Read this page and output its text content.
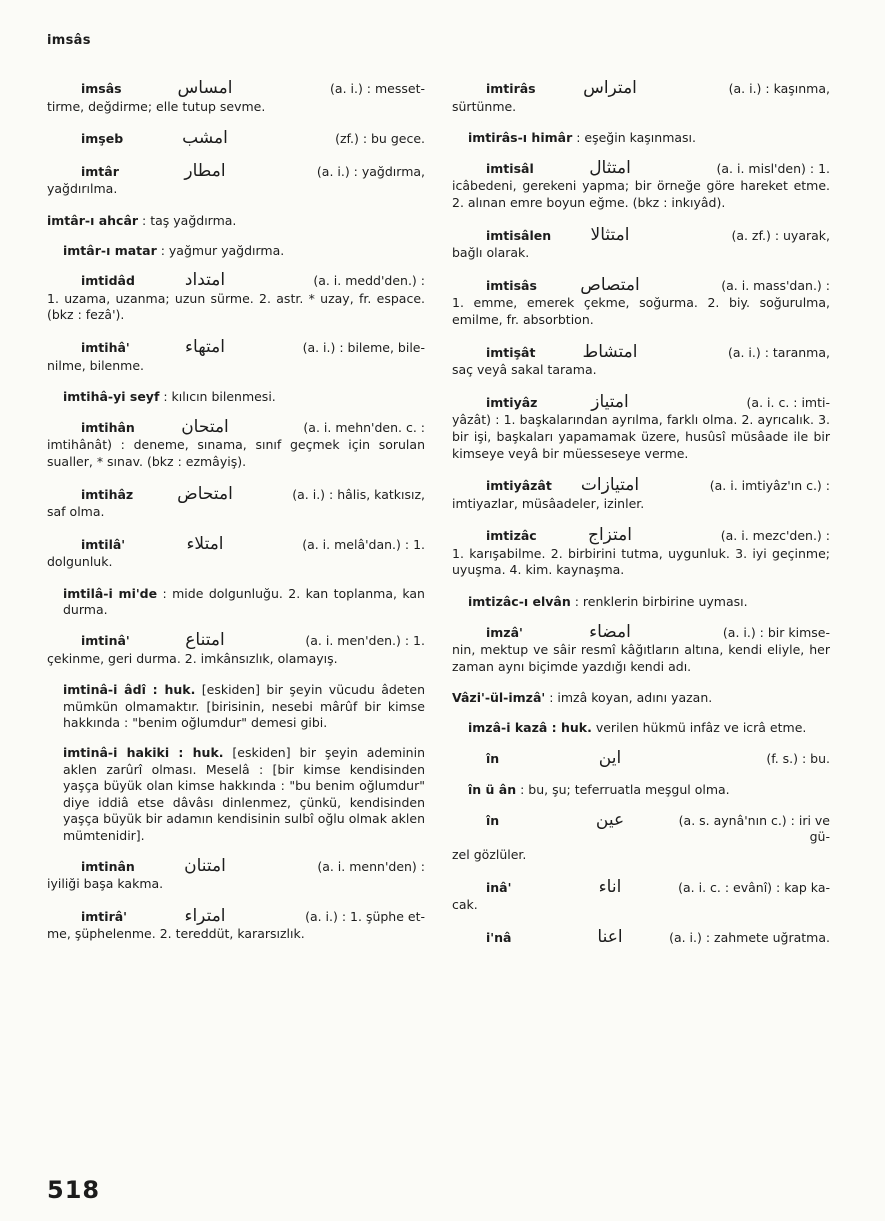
imsâs
imsâs	امساس	(a. i.) : messet-
tirme, değdirme; elle tutup sevme.
imşeb	امشب	(zf.) : bu gece.
imtâr	امطار	(a. i.) : yağdırma,
yağdırılma.
imtâr-ı ahcâr : taş yağdırma.
imtâr-ı matar : yağmur yağdırma.
imtidâd	امتداد	(a. i. medd'den.) :
1. uzama, uzanma; uzun sürme. 2. astr. * uzay, fr. espace. (bkz : fezâ').
imtihâ'	امتهاء	(a. i.) : bileme, bile-
nilme, bilenme.
imtihâ-yi seyf : kılıcın bilenmesi.
imtihân	امتحان	(a. i. mehn'den. c. :
imtihânât) : deneme, sınama, sınıf geçmek için sorulan sualler, * sınav. (bkz : ezmâyiş).
imtihâz	امتحاض	(a. i.) : hâlis, katkısız,
saf olma.
imtilâ'	امتلاء	(a. i. melâ'dan.) : 1.
dolgunluk.
imtilâ-i mi'de : mide dolgunluğu. 2. kan toplanma, kan durma.
imtinâ'	امتناع	(a. i. men'den.) : 1.
çekinme, geri durma. 2. imkânsızlık, olamayış.
imtinâ-i âdî : huk. [eskiden] bir şeyin vücudu âdeten mümkün olmamaktır. [birisinin, nesebi mârûf bir kimse hakkında : "benim oğlumdur" demesi gibi.
imtinâ-i hakiki : huk. [eskiden] bir şeyin ademinin aklen zarûrî olması. Meselâ : [bir kimse kendisinden yaşça büyük olan kimse hakkında : "bu benim oğlumdur" diye iddiâ etse dâvâsı dinlenmez, çünkü, kendisinden yaşça büyük bir adamın kendisinin sulbî oğlu olmak aklen mümtenidir].
imtinân	امتنان	(a. i. menn'den) :
iyiliği başa kakma.
imtirâ'	امتراء	(a. i.) : 1. şüphe et-
me, şüphelenme. 2. tereddüt, kararsızlık.
imtirâs	امتراس	(a. i.) : kaşınma,
sürtünme.
imtirâs-ı himâr : eşeğin kaşınması.
imtisâl	امتثال	(a. i. misl'den) : 1.
icâbedeni, gerekeni yapma; bir örneğe göre hareket etme. 2. alınan emre boyun eğme. (bkz : inkıyâd).
imtisâlen	امتثالا	(a. zf.) : uyarak,
bağlı olarak.
imtisâs	امتصاص	(a. i. mass'dan.) :
1. emme, emerek çekme, soğurma. 2. biy. soğurulma, emilme, fr. absorbtion.
imtişât	امتشاط	(a. i.) : taranma,
saç veyâ sakal tarama.
imtiyâz	امتياز	(a. i. c. : imti-
yâzât) : 1. başkalarından ayrılma, farklı olma. 2. ayrıcalık. 3. bir işi, başkaları yapamamak üzere, husûsî müsâade ile bir kimseye veyâ bir müesseseye verme.
imtiyâzât	امتيازات	(a. i. imtiyâz'ın c.) :
imtiyazlar, müsâadeler, izinler.
imtizâc	امتزاج	(a. i. mezc'den.) :
1. karışabilme. 2. birbirini tutma, uygunluk. 3. iyi geçinme; uyuşma. 4. kim. kaynaşma.
imtizâc-ı elvân : renklerin birbirine uyması.
imzâ'	امضاء	(a. i.) : bir kimse-
nin, mektup ve sâir resmî kâğıtların altına, kendi eliyle, her zaman aynı biçimde yazdığı kendi adı.
Vâzi'-ül-imzâ' : imzâ koyan, adını yazan.
imzâ-i kazâ : huk. verilen hükmü infâz ve icrâ etme.
în	این	(f. s.) : bu.
în ü ân : bu, şu; teferruatla meşgul olma.
în	عين	(a. s. aynâ'nın c.) : iri ve gü-
zel gözlüler.
inâ'	اناء	(a. i. c. : evânî) : kap ka-
cak.
i'nâ	اعنا	(a. i.) : zahmete uğratma.
518
